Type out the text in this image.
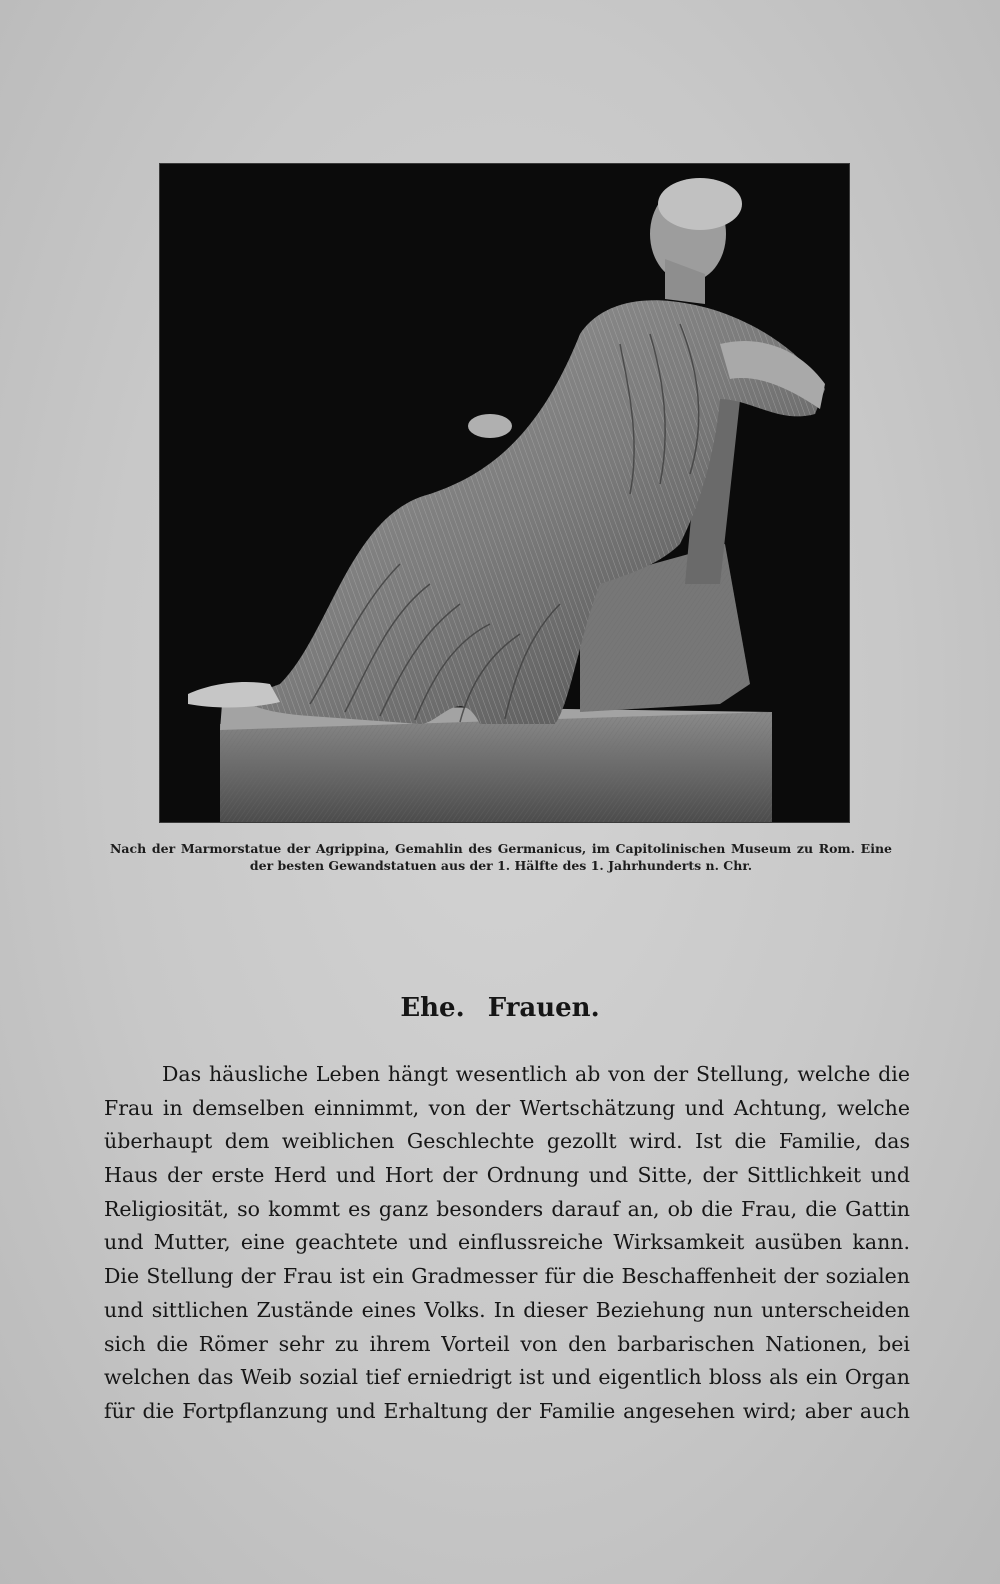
Nach der Marmorstatue der Agrippina, Gemahlin des Germanicus, im Capitolinischen Museum zu Rom. Eine der besten Gewandstatuen aus der 1. Hälfte des 1. Jahrhunderts n. Chr.
Ehe. Frauen.
Das häusliche Leben hängt wesentlich ab von der Stellung, welche die
Frau in demselben einnimmt, von der Wertschätzung und Achtung, welche
überhaupt dem weiblichen Geschlechte gezollt wird. Ist die Familie, das
Haus der erste Herd und Hort der Ordnung und Sitte, der Sittlichkeit und
Religiosität, so kommt es ganz besonders darauf an, ob die Frau, die Gattin
und Mutter, eine geachtete und einflussreiche Wirksamkeit ausüben kann.
Die Stellung der Frau ist ein Gradmesser für die Beschaffenheit der sozialen
und sittlichen Zustände eines Volks. In dieser Beziehung nun unterscheiden
sich die Römer sehr zu ihrem Vorteil von den barbarischen Nationen, bei
welchen das Weib sozial tief erniedrigt ist und eigentlich bloss als ein Organ
für die Fortpflanzung und Erhaltung der Familie angesehen wird; aber auch
